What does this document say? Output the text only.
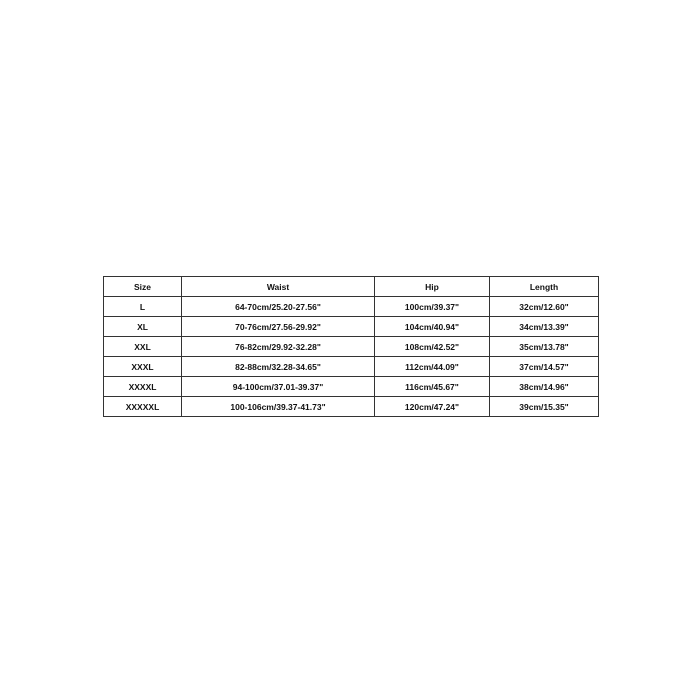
Size	Waist	Hip	Length
L	64-70cm/25.20-27.56"	100cm/39.37"	32cm/12.60"
XL	70-76cm/27.56-29.92"	104cm/40.94"	34cm/13.39"
XXL	76-82cm/29.92-32.28"	108cm/42.52"	35cm/13.78"
XXXL	82-88cm/32.28-34.65"	112cm/44.09"	37cm/14.57"
XXXXL	94-100cm/37.01-39.37"	116cm/45.67"	38cm/14.96"
XXXXXL	100-106cm/39.37-41.73"	120cm/47.24"	39cm/15.35"
